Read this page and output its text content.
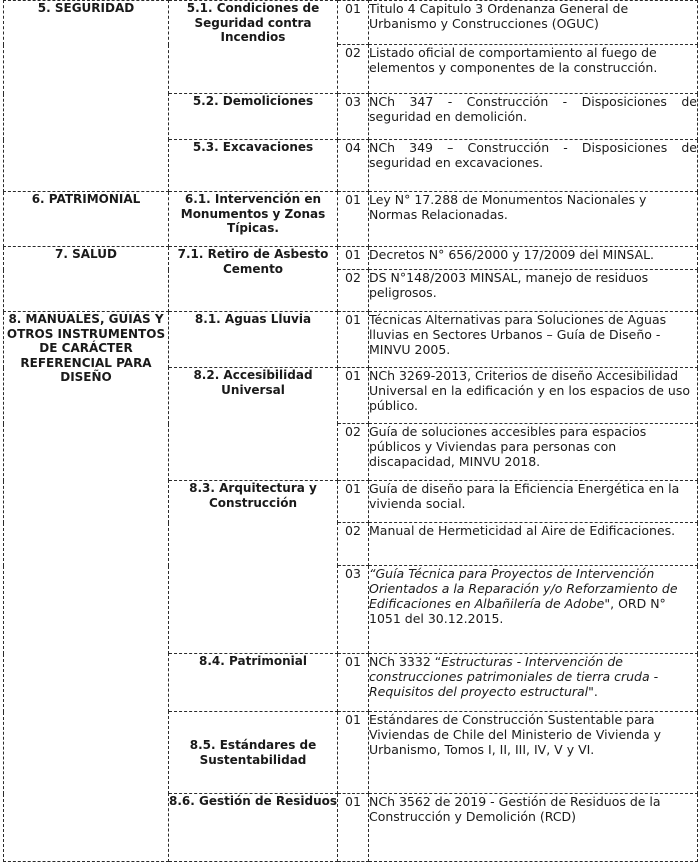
5. SEGURIDAD	5.1. Condiciones de Seguridad contra Incendios	01	Titulo 4 Capitulo 3 Ordenanza General de Urbanismo y Construcciones (OGUC)
		02	Listado oficial de comportamiento al fuego de elementos y componentes de la construcción.
	5.2. Demoliciones	03	NCh 347 - Construcción - Disposiciones de seguridad en demolición.
	5.3. Excavaciones	04	NCh 349 – Construcción - Disposiciones de seguridad en excavaciones.
6. PATRIMONIAL	6.1. Intervención en Monumentos y Zonas Típicas.	01	Ley N° 17.288 de Monumentos Nacionales y Normas Relacionadas.
7. SALUD	7.1. Retiro de Asbesto Cemento	01	Decretos N° 656/2000 y 17/2009 del MINSAL.
		02	DS N°148/2003 MINSAL, manejo de residuos peligrosos.
8. MANUALES, GUIAS Y OTROS INSTRUMENTOS DE CARÁCTER REFERENCIAL PARA DISEÑO	8.1. Aguas Lluvia	01	Técnicas Alternativas para Soluciones de Aguas lluvias en Sectores Urbanos – Guía de Diseño - MINVU 2005.
	8.2. Accesibilidad Universal	01	NCh 3269-2013, Criterios de diseño Accesibilidad Universal en la edificación y en los espacios de uso público.
		02	Guía de soluciones accesibles para espacios públicos y Viviendas para personas con discapacidad, MINVU 2018.
	8.3. Arquitectura y Construcción	01	Guía de diseño para la Eficiencia Energética en la vivienda social.
		02	Manual de Hermeticidad al Aire de Edificaciones.
		03	“Guía Técnica para Proyectos de Intervención Orientados a la Reparación y/o Reforzamiento de Edificaciones en Albañilería de Adobe", ORD N° 1051 del 30.12.2015.
	8.4. Patrimonial	01	NCh 3332 “Estructuras - Intervención de construcciones patrimoniales de tierra cruda - Requisitos del proyecto estructural".
	8.5. Estándares de Sustentabilidad	01	Estándares de Construcción Sustentable para Viviendas de Chile del Ministerio de Vivienda y Urbanismo, Tomos I, II, III, IV, V y VI.
	8.6. Gestión de Residuos	01	NCh 3562 de 2019 - Gestión de Residuos de la Construcción y Demolición (RCD)
